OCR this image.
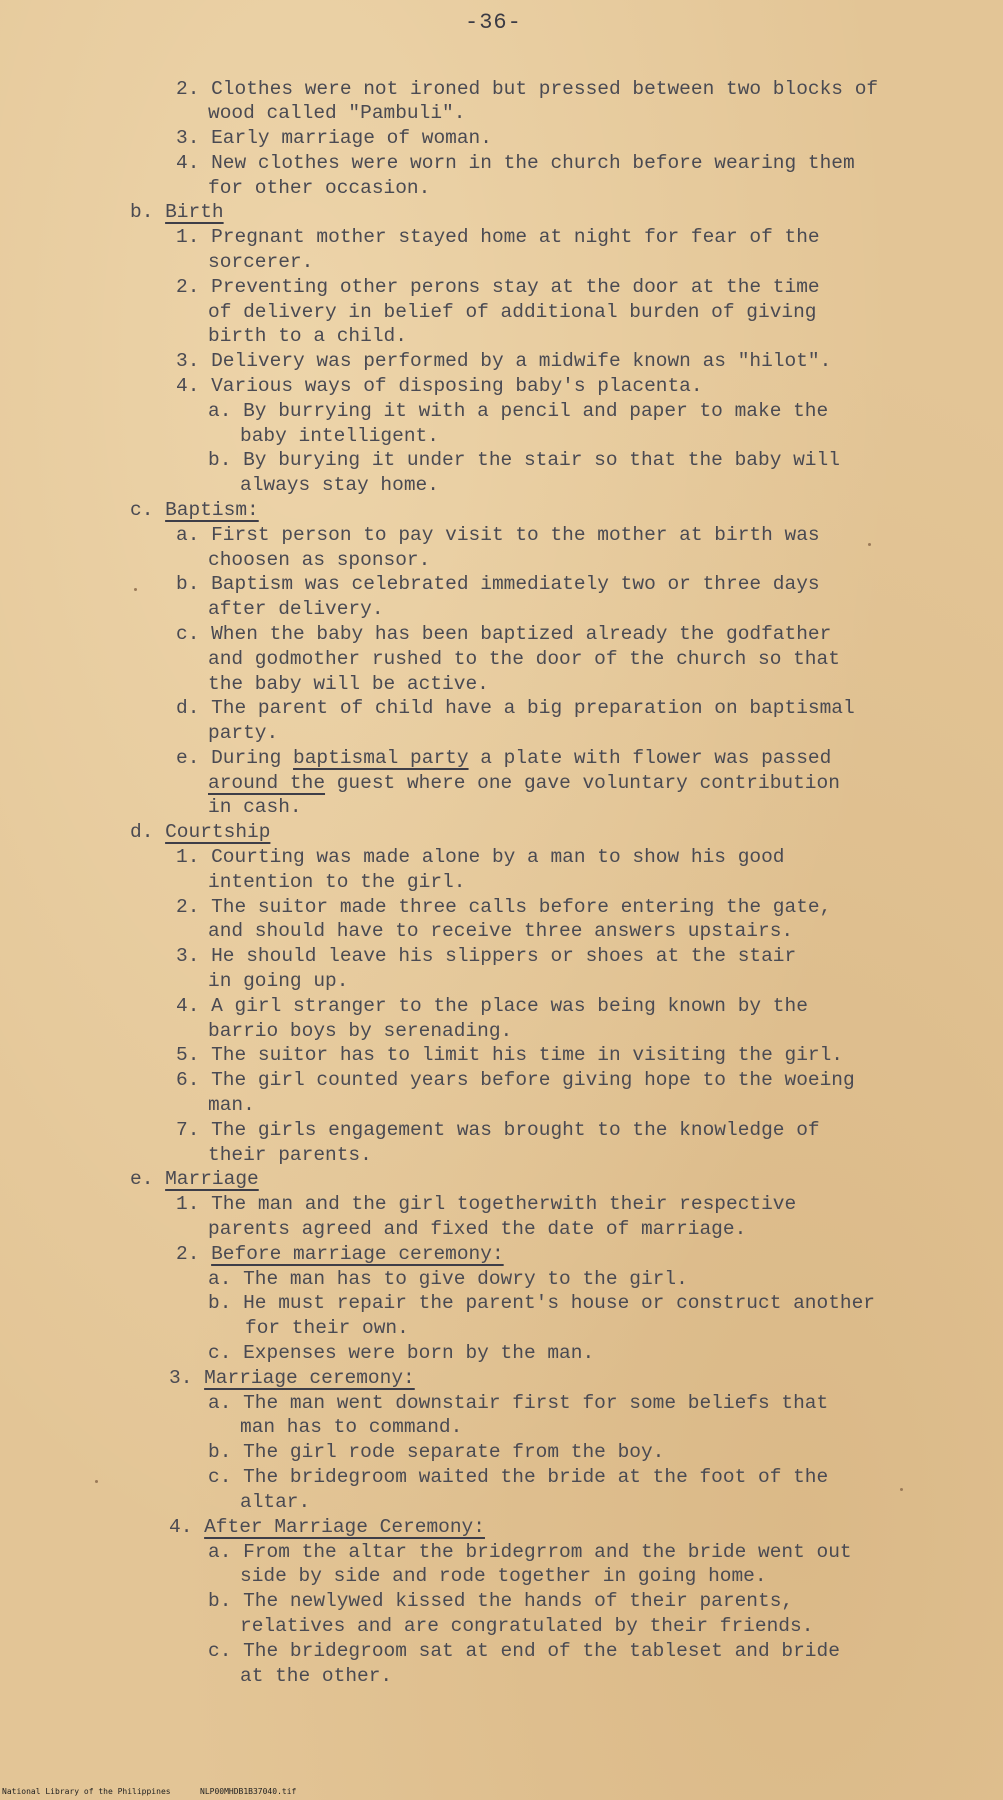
-36-
2. Clothes were not ironed but pressed between two blocks of
wood called "Pambuli".
3. Early marriage of woman.
4. New clothes were worn in the church before wearing them
for other occasion.
b. Birth
1. Pregnant mother stayed home at night for fear of the
sorcerer.
2. Preventing other perons stay at the door at the time
of delivery in belief of additional burden of giving
birth to a child.
3. Delivery was performed by a midwife known as "hilot".
4. Various ways of disposing baby's placenta.
a. By burrying it with a pencil and paper to make the
baby intelligent.
b. By burying it under the stair so that the baby will
always stay home.
c. Baptism:
a. First person to pay visit to the mother at birth was
choosen as sponsor.
b. Baptism was celebrated immediately two or three days
after delivery.
c. When the baby has been baptized already the godfather
and godmother rushed to the door of the church so that
the baby will be active.
d. The parent of child have a big preparation on baptismal
party.
e. During baptismal party a plate with flower was passed
around the guest where one gave voluntary contribution
in cash.
d. Courtship
1. Courting was made alone by a man to show his good
intention to the girl.
2. The suitor made three calls before entering the gate,
and should have to receive three answers upstairs.
3. He should leave his slippers or shoes at the stair
in going up.
4. A girl stranger to the place was being known by the
barrio boys by serenading.
5. The suitor has to limit his time in visiting the girl.
6. The girl counted years before giving hope to the woeing
man.
7. The girls engagement was brought to the knowledge of
their parents.
e. Marriage
1. The man and the girl togetherwith their respective
parents agreed and fixed the date of marriage.
2. Before marriage ceremony:
a. The man has to give dowry to the girl.
b. He must repair the parent's house or construct another
for their own.
c. Expenses were born by the man.
3. Marriage ceremony:
a. The man went downstair first for some beliefs that
man has to command.
b. The girl rode separate from the boy.
c. The bridegroom waited the bride at the foot of the
altar.
4. After Marriage Ceremony:
a. From the altar the bridegrrom and the bride went out
side by side and rode together in going home.
b. The newlywed kissed the hands of their parents,
relatives and are congratulated by their friends.
c. The bridegroom sat at end of the tableset and bride
at the other.
National Library of the Philippines	NLP00MHDB1B37040.tif
